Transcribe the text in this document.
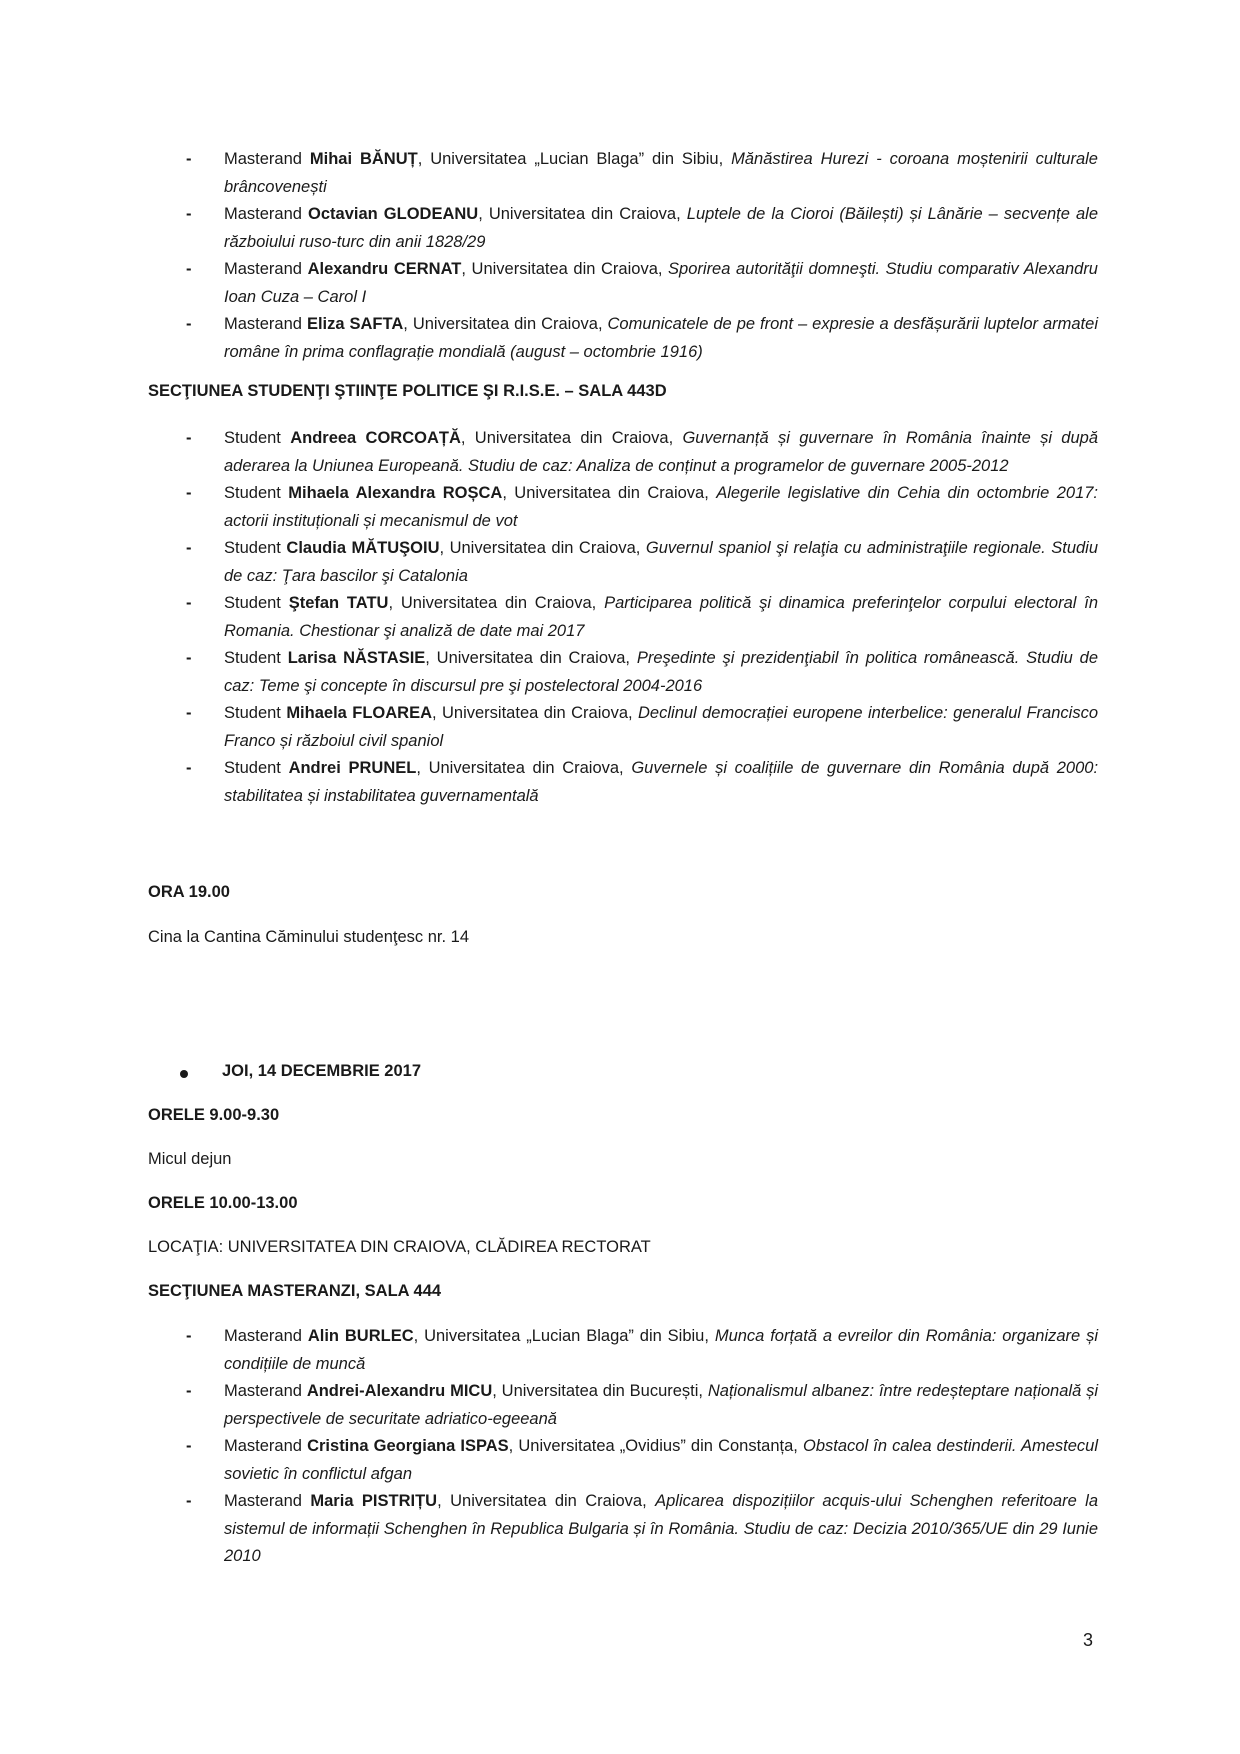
-	Masterand Mihai BĂNUȚ, Universitatea „Lucian Blaga” din Sibiu, Mănăstirea Hurezi - coroana moștenirii culturale brâncovenești
-	Masterand Octavian GLODEANU, Universitatea din Craiova, Luptele de la Cioroi (Băilești) și Lânărie – secvențe ale războiului ruso-turc din anii 1828/29
-	Masterand Alexandru CERNAT, Universitatea din Craiova, Sporirea autorităţii domneşti. Studiu comparativ Alexandru Ioan Cuza – Carol I
-	Masterand Eliza SAFTA, Universitatea din Craiova, Comunicatele de pe front – expresie a desfășurării luptelor armatei române în prima conflagrație mondială (august – octombrie 1916)

SECŢIUNEA STUDENŢI ŞTIINŢE POLITICE ŞI R.I.S.E. – SALA 443D

-	Student Andreea CORCOAȚĂ, Universitatea din Craiova, Guvernanță și guvernare în România înainte și după aderarea la Uniunea Europeană. Studiu de caz: Analiza de conținut a programelor de guvernare 2005-2012
-	Student Mihaela Alexandra ROȘCA, Universitatea din Craiova, Alegerile legislative din Cehia din octombrie 2017: actorii instituționali și mecanismul de vot
-	Student Claudia MĂTUŞOIU, Universitatea din Craiova, Guvernul spaniol şi relaţia cu administraţiile regionale. Studiu de caz: Ţara bascilor şi Catalonia
-	Student Ştefan TATU, Universitatea din Craiova, Participarea politică şi dinamica preferinţelor corpului electoral în Romania. Chestionar şi analiză de date mai 2017
-	Student Larisa NĂSTASIE, Universitatea din Craiova, Preşedinte şi prezidenţiabil în politica românească. Studiu de caz: Teme şi concepte în discursul pre şi postelectoral 2004-2016
-	Student Mihaela FLOAREA, Universitatea din Craiova, Declinul democrației europene interbelice: generalul Francisco Franco și războiul civil spaniol
-	Student Andrei PRUNEL, Universitatea din Craiova, Guvernele și coalițiile de guvernare din România după 2000: stabilitatea și instabilitatea guvernamentală

ORA 19.00

Cina la Cantina Căminului studenţesc nr. 14

JOI, 14 DECEMBRIE 2017

ORELE 9.00-9.30

Micul dejun

ORELE 10.00-13.00

LOCAŢIA: UNIVERSITATEA DIN CRAIOVA, CLĂDIREA RECTORAT

SECŢIUNEA MASTERANZI, SALA 444

-	Masterand Alin BURLEC, Universitatea „Lucian Blaga” din Sibiu, Munca forțată a evreilor din România: organizare și condițiile de muncă
-	Masterand Andrei-Alexandru MICU, Universitatea din București, Naționalismul albanez: între redeșteptare națională și perspectivele de securitate adriatico-egeeană
-	Masterand Cristina Georgiana ISPAS, Universitatea „Ovidius” din Constanța, Obstacol în calea destinderii. Amestecul sovietic în conflictul afgan
-	Masterand Maria PISTRIȚU, Universitatea din Craiova, Aplicarea dispozițiilor acquis-ului Schenghen referitoare la sistemul de informații Schenghen în Republica Bulgaria și în România. Studiu de caz: Decizia 2010/365/UE din 29 Iunie 2010
3
